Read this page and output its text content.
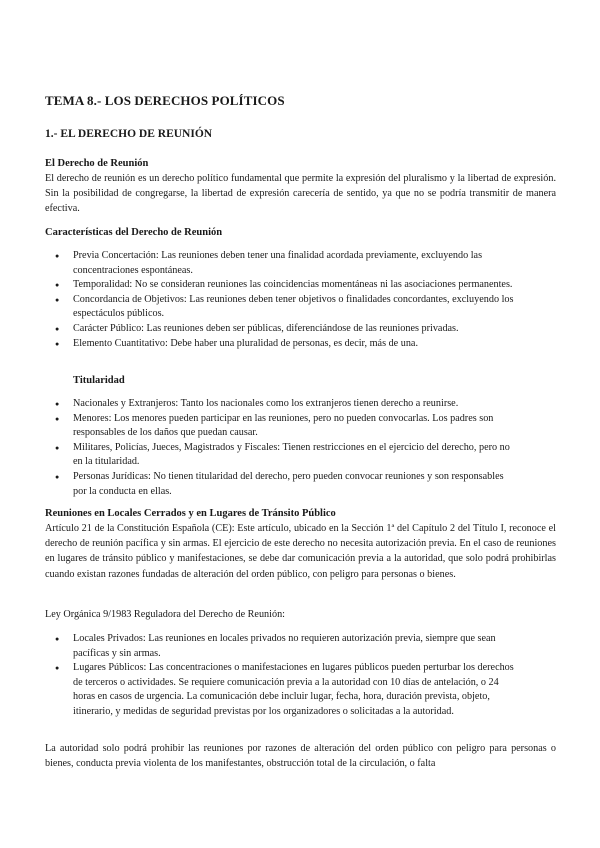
TEMA 8.- LOS DERECHOS POLÍTICOS
1.- EL DERECHO DE REUNIÓN
El Derecho de Reunión

El derecho de reunión es un derecho político fundamental que permite la expresión del pluralismo y la libertad de expresión. Sin la posibilidad de congregarse, la libertad de expresión carecería de sentido, ya que no se podría transmitir de manera efectiva.

Características del Derecho de Reunión
● Previa Concertación: Las reuniones deben tener una finalidad acordada previamente, excluyendo las concentraciones espontáneas.
● Temporalidad: No se consideran reuniones las coincidencias momentáneas ni las asociaciones permanentes.
● Concordancia de Objetivos: Las reuniones deben tener objetivos o finalidades concordantes, excluyendo los espectáculos públicos.
● Carácter Público: Las reuniones deben ser públicas, diferenciándose de las reuniones privadas.
● Elemento Cuantitativo: Debe haber una pluralidad de personas, es decir, más de una.
Titularidad
● Nacionales y Extranjeros: Tanto los nacionales como los extranjeros tienen derecho a reunirse.
● Menores: Los menores pueden participar en las reuniones, pero no pueden convocarlas. Los padres son responsables de los daños que puedan causar.
● Militares, Policías, Jueces, Magistrados y Fiscales: Tienen restricciones en el ejercicio del derecho, pero no en la titularidad.
● Personas Jurídicas: No tienen titularidad del derecho, pero pueden convocar reuniones y son responsables por la conducta en ellas.
Reuniones en Locales Cerrados y en Lugares de Tránsito Público

Artículo 21 de la Constitución Española (CE): Este artículo, ubicado en la Sección 1ª del Capítulo 2 del Título I, reconoce el derecho de reunión pacífica y sin armas. El ejercicio de este derecho no necesita autorización previa. En el caso de reuniones en lugares de tránsito público y manifestaciones, se debe dar comunicación previa a la autoridad, que solo podrá prohibirlas cuando existan razones fundadas de alteración del orden público, con peligro para personas o bienes.

Ley Orgánica 9/1983 Reguladora del Derecho de Reunión:

● Locales Privados: Las reuniones en locales privados no requieren autorización previa, siempre que sean pacíficas y sin armas.
● Lugares Públicos: Las concentraciones o manifestaciones en lugares públicos pueden perturbar los derechos de terceros o actividades. Se requiere comunicación previa a la autoridad con 10 días de antelación, o 24 horas en casos de urgencia. La comunicación debe incluir lugar, fecha, hora, duración prevista, objeto, itinerario, y medidas de seguridad previstas por los organizadores o solicitadas a la autoridad.

La autoridad solo podrá prohibir las reuniones por razones de alteración del orden público con peligro para personas o bienes, conducta previa violenta de los manifestantes, obstrucción total de la circulación, o falta
